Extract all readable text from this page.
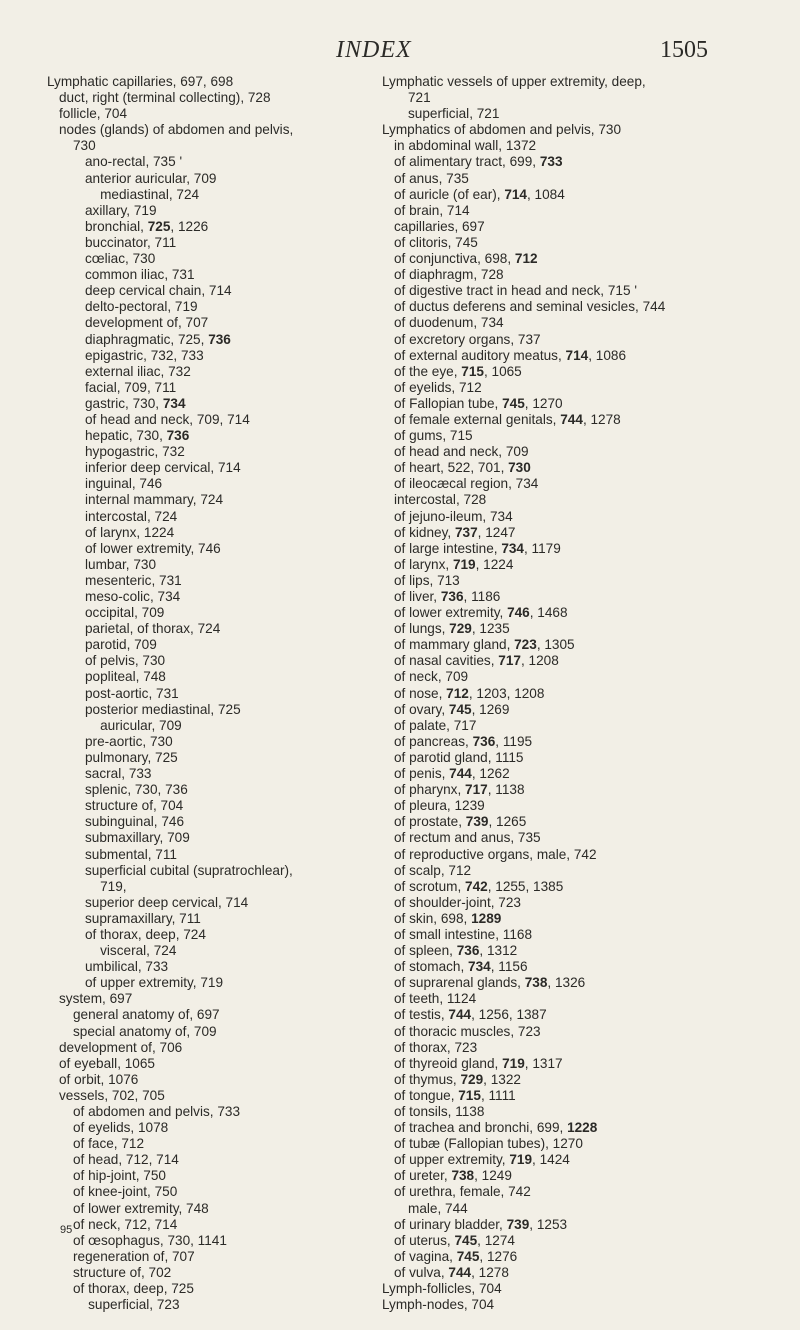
INDEX	1505
Lymphatic capillaries, 697, 698
duct, right (terminal collecting), 728
follicle, 704
nodes (glands) of abdomen and pelvis,
730
ano-rectal, 735 '
anterior auricular, 709
mediastinal, 724
axillary, 719
bronchial, 725, 1226
buccinator, 711
cœliac, 730
common iliac, 731
deep cervical chain, 714
delto-pectoral, 719
development of, 707
diaphragmatic, 725, 736
epigastric, 732, 733
external iliac, 732
facial, 709, 711
gastric, 730, 734
of head and neck, 709, 714
hepatic, 730, 736
hypogastric, 732
inferior deep cervical, 714
inguinal, 746
internal mammary, 724
intercostal, 724
of larynx, 1224
of lower extremity, 746
lumbar, 730
mesenteric, 731
meso-colic, 734
occipital, 709
parietal, of thorax, 724
parotid, 709
of pelvis, 730
popliteal, 748
post-aortic, 731
posterior mediastinal, 725
auricular, 709
pre-aortic, 730
pulmonary, 725
sacral, 733
splenic, 730, 736
structure of, 704
subinguinal, 746
submaxillary, 709
submental, 711
superficial cubital (supratrochlear),
719,
superior deep cervical, 714
supramaxillary, 711
of thorax, deep, 724
visceral, 724
umbilical, 733
of upper extremity, 719
system, 697
general anatomy of, 697
special anatomy of, 709
development of, 706
of eyeball, 1065
of orbit, 1076
vessels, 702, 705
of abdomen and pelvis, 733
of eyelids, 1078
of face, 712
of head, 712, 714
of hip-joint, 750
of knee-joint, 750
of lower extremity, 748
of neck, 712, 714
of œsophagus, 730, 1141
regeneration of, 707
structure of, 702
of thorax, deep, 725
superficial, 723
Lymphatic vessels of upper extremity, deep,
721
superficial, 721
Lymphatics of abdomen and pelvis, 730
in abdominal wall, 1372
of alimentary tract, 699, 733
of anus, 735
of auricle (of ear), 714, 1084
of brain, 714
capillaries, 697
of clitoris, 745
of conjunctiva, 698, 712
of diaphragm, 728
of digestive tract in head and neck, 715 '
of ductus deferens and seminal vesicles, 744
of duodenum, 734
of excretory organs, 737
of external auditory meatus, 714, 1086
of the eye, 715, 1065
of eyelids, 712
of Fallopian tube, 745, 1270
of female external genitals, 744, 1278
of gums, 715
of head and neck, 709
of heart, 522, 701, 730
of ileocæcal region, 734
intercostal, 728
of jejuno-ileum, 734
of kidney, 737, 1247
of large intestine, 734, 1179
of larynx, 719, 1224
of lips, 713
of liver, 736, 1186
of lower extremity, 746, 1468
of lungs, 729, 1235
of mammary gland, 723, 1305
of nasal cavities, 717, 1208
of neck, 709
of nose, 712, 1203, 1208
of ovary, 745, 1269
of palate, 717
of pancreas, 736, 1195
of parotid gland, 1115
of penis, 744, 1262
of pharynx, 717, 1138
of pleura, 1239
of prostate, 739, 1265
of rectum and anus, 735
of reproductive organs, male, 742
of scalp, 712
of scrotum, 742, 1255, 1385
of shoulder-joint, 723
of skin, 698, 1289
of small intestine, 1168
of spleen, 736, 1312
of stomach, 734, 1156
of suprarenal glands, 738, 1326
of teeth, 1124
of testis, 744, 1256, 1387
of thoracic muscles, 723
of thorax, 723
of thyreoid gland, 719, 1317
of thymus, 729, 1322
of tongue, 715, 1111
of tonsils, 1138
of trachea and bronchi, 699, 1228
of tubæ (Fallopian tubes), 1270
of upper extremity, 719, 1424
of ureter, 738, 1249
of urethra, female, 742
male, 744
of urinary bladder, 739, 1253
of uterus, 745, 1274
of vagina, 745, 1276
of vulva, 744, 1278
Lymph-follicles, 704
Lymph-nodes, 704
95
